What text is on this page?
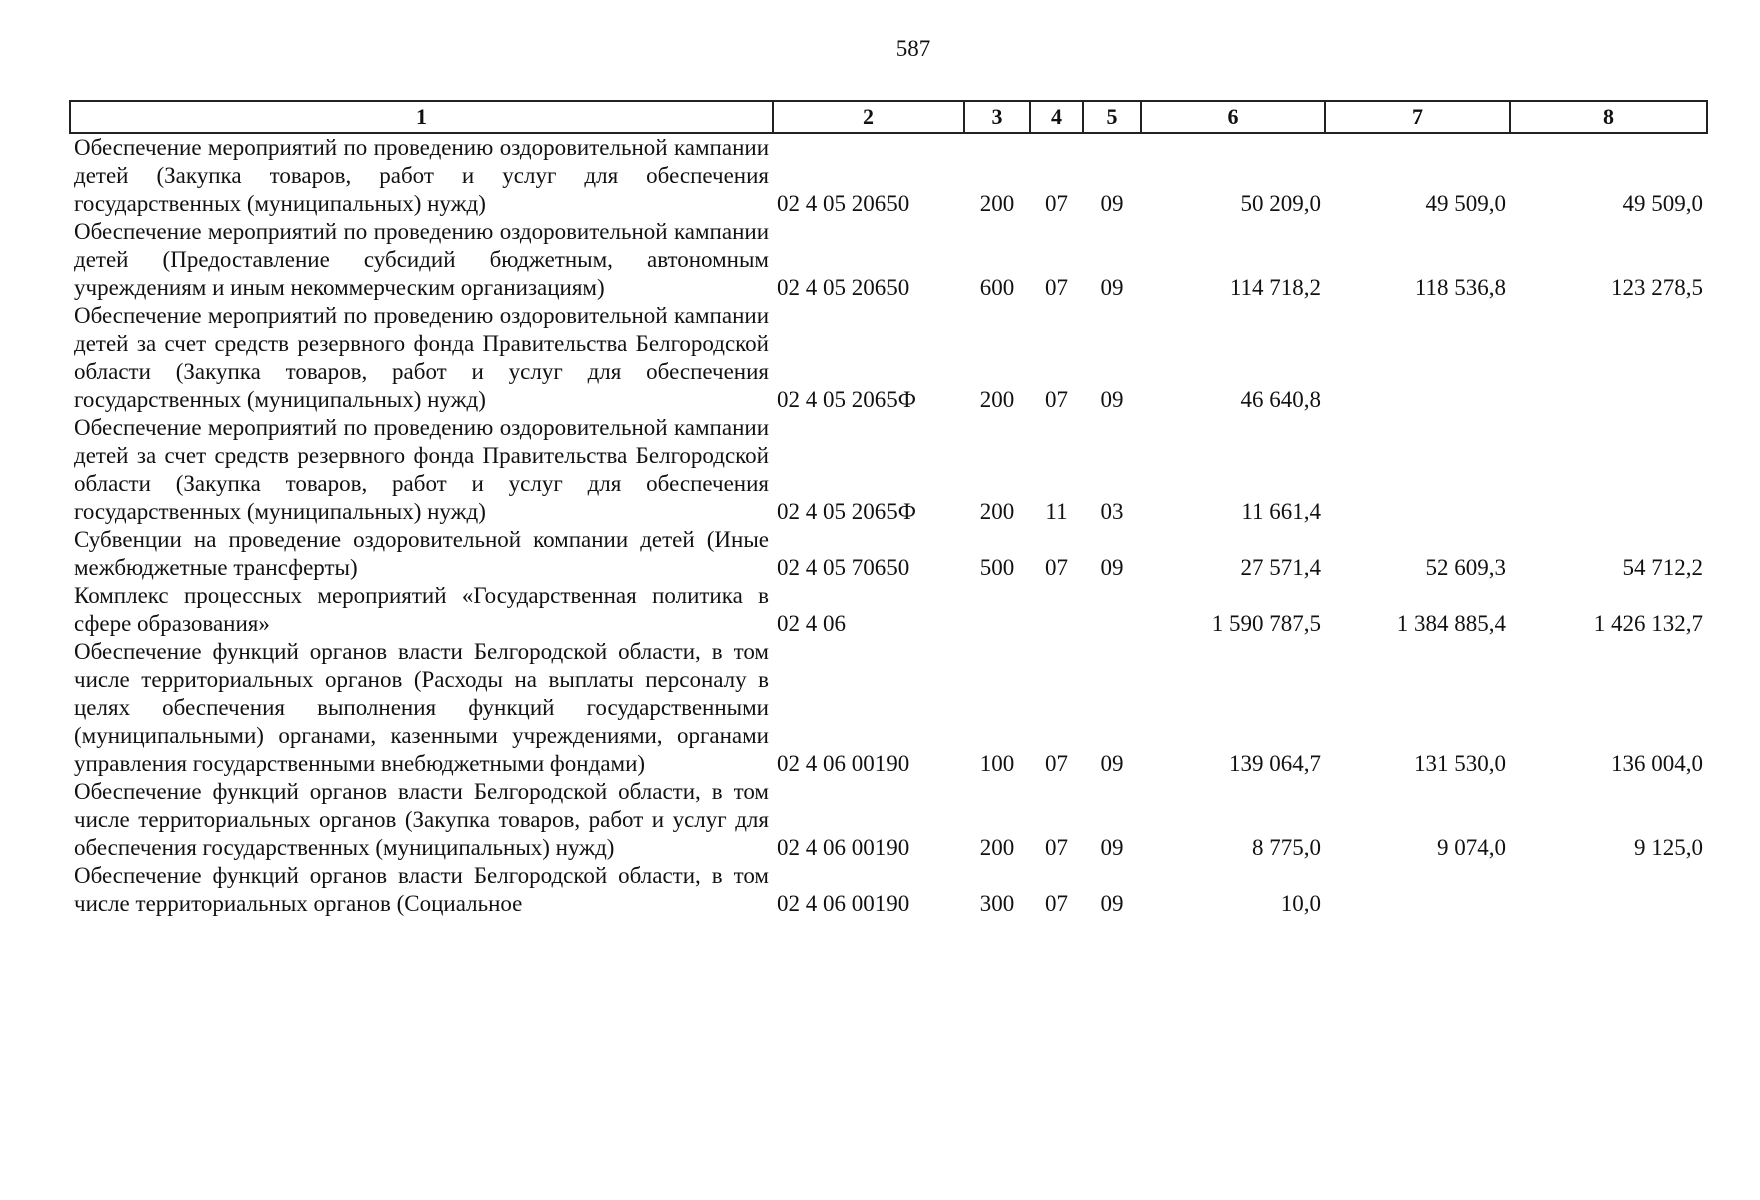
587
1	2	3	4	5	6	7	8
Обеспечение мероприятий по проведению оздоровительной кампании детей (Закупка товаров, работ и услуг для обеспечения государственных (муниципальных) нужд)	02 4 05 20650	200	07	09	50 209,0	49 509,0	49 509,0
Обеспечение мероприятий по проведению оздоровительной кампании детей (Предоставление субсидий бюджетным, автономным учреждениям и иным некоммерческим организациям)	02 4 05 20650	600	07	09	114 718,2	118 536,8	123 278,5
Обеспечение мероприятий по проведению оздоровительной кампании детей за счет средств резервного фонда Правительства Белгородской области (Закупка товаров, работ и услуг для обеспечения государственных (муниципальных) нужд)	02 4 05 2065Ф	200	07	09	46 640,8		
Обеспечение мероприятий по проведению оздоровительной кампании детей за счет средств резервного фонда Правительства Белгородской области (Закупка товаров, работ и услуг для обеспечения государственных (муниципальных) нужд)	02 4 05 2065Ф	200	11	03	11 661,4		
Субвенции на проведение оздоровительной компании детей (Иные межбюджетные трансферты)	02 4 05 70650	500	07	09	27 571,4	52 609,3	54 712,2
Комплекс процессных мероприятий «Государственная политика в сфере образования»	02 4 06				1 590 787,5	1 384 885,4	1 426 132,7
Обеспечение функций органов власти Белгородской области, в том числе территориальных органов (Расходы на выплаты персоналу в целях обеспечения выполнения функций государственными (муниципальными) органами, казенными учреждениями, органами управления государственными внебюджетными фондами)	02 4 06 00190	100	07	09	139 064,7	131 530,0	136 004,0
Обеспечение функций органов власти Белгородской области, в том числе территориальных органов (Закупка товаров, работ и услуг для обеспечения государственных (муниципальных) нужд)	02 4 06 00190	200	07	09	8 775,0	9 074,0	9 125,0
Обеспечение функций органов власти Белгородской области, в том числе территориальных органов (Социальное	02 4 06 00190	300	07	09	10,0		
